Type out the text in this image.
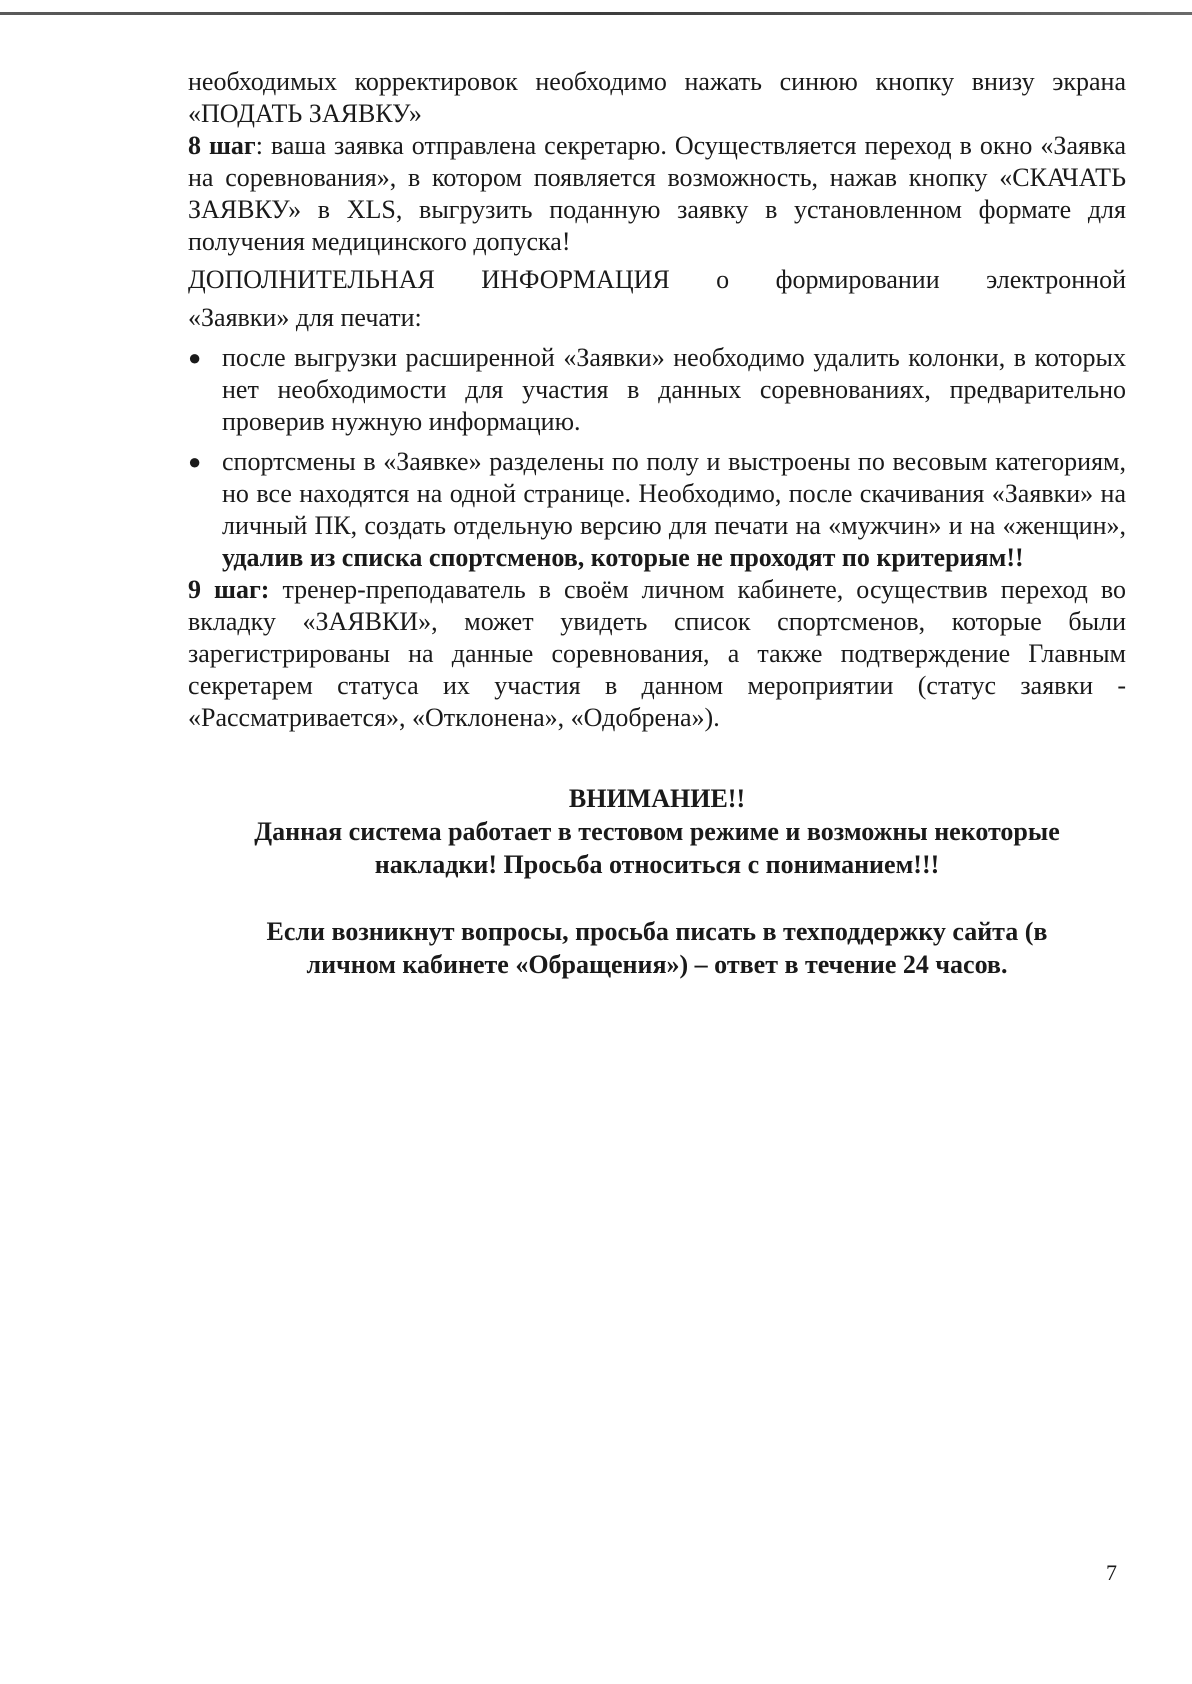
необходимых корректировок необходимо нажать синюю кнопку внизу экрана

«ПОДАТЬ ЗАЯВКУ»

8 шаг: ваша заявка отправлена секретарю. Осуществляется переход в окно «Заявка на соревнования», в котором появляется возможность, нажав кнопку «СКАЧАТЬ ЗАЯВКУ» в XLS, выгрузить поданную заявку в установленном формате для получения медицинского допуска!

ДОПОЛНИТЕЛЬНАЯ ИНФОРМАЦИЯ о формировании электронной

«Заявки» для печати:

● после выгрузки расширенной «Заявки» необходимо удалить колонки, в которых нет необходимости для участия в данных соревнованиях, предварительно проверив нужную информацию.
● спортсмены в «Заявке» разделены по полу и выстроены по весовым категориям, но все находятся на одной странице. Необходимо, после скачивания «Заявки» на личный ПК, создать отдельную версию для печати на «мужчин» и на «женщин», удалив из списка спортсменов, которые не проходят по критериям!!

9 шаг: тренер-преподаватель в своём личном кабинете, осуществив переход во вкладку «ЗАЯВКИ», может увидеть список спортсменов, которые были зарегистрированы на данные соревнования, а также подтверждение Главным секретарем статуса их участия в данном мероприятии (статус заявки - «Рассматривается», «Отклонена», «Одобрена»).

ВНИМАНИЕ!!

Данная система работает в тестовом режиме и возможны некоторые

накладки! Просьба относиться с пониманием!!!

Если возникнут вопросы, просьба писать в техподдержку сайта (в

личном кабинете «Обращения») – ответ в течение 24 часов.

7
